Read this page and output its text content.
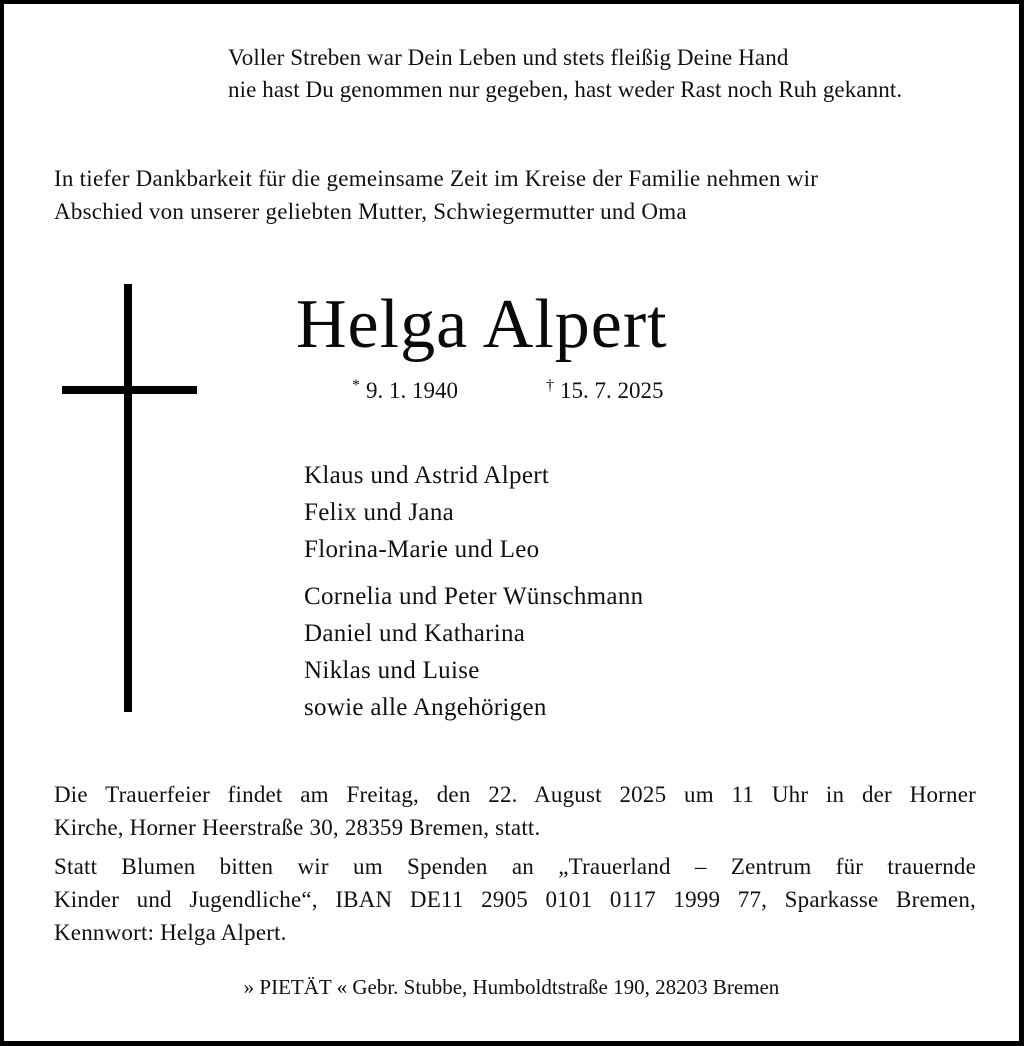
Voller Streben war Dein Leben und stets fleißig Deine Hand
nie hast Du genommen nur gegeben, hast weder Rast noch Ruh gekannt.
In tiefer Dankbarkeit für die gemeinsame Zeit im Kreise der Familie nehmen wir
Abschied von unserer geliebten Mutter, Schwiegermutter und Oma
Helga Alpert
* 9. 1. 1940	† 15. 7. 2025
Klaus und Astrid Alpert
Felix und Jana
Florina-Marie und Leo
Cornelia und Peter Wünschmann
Daniel und Katharina
Niklas und Luise
sowie alle Angehörigen
Die Trauerfeier findet am Freitag, den 22. August 2025 um 11 Uhr in der Horner
Kirche, Horner Heerstraße 30, 28359 Bremen, statt.
Statt Blumen bitten wir um Spenden an „Trauerland – Zentrum für trauernde
Kinder und Jugendliche“, IBAN DE11 2905 0101 0117 1999 77, Sparkasse Bremen,
Kennwort: Helga Alpert.
» PIETÄT « Gebr. Stubbe, Humboldtstraße 190, 28203 Bremen
